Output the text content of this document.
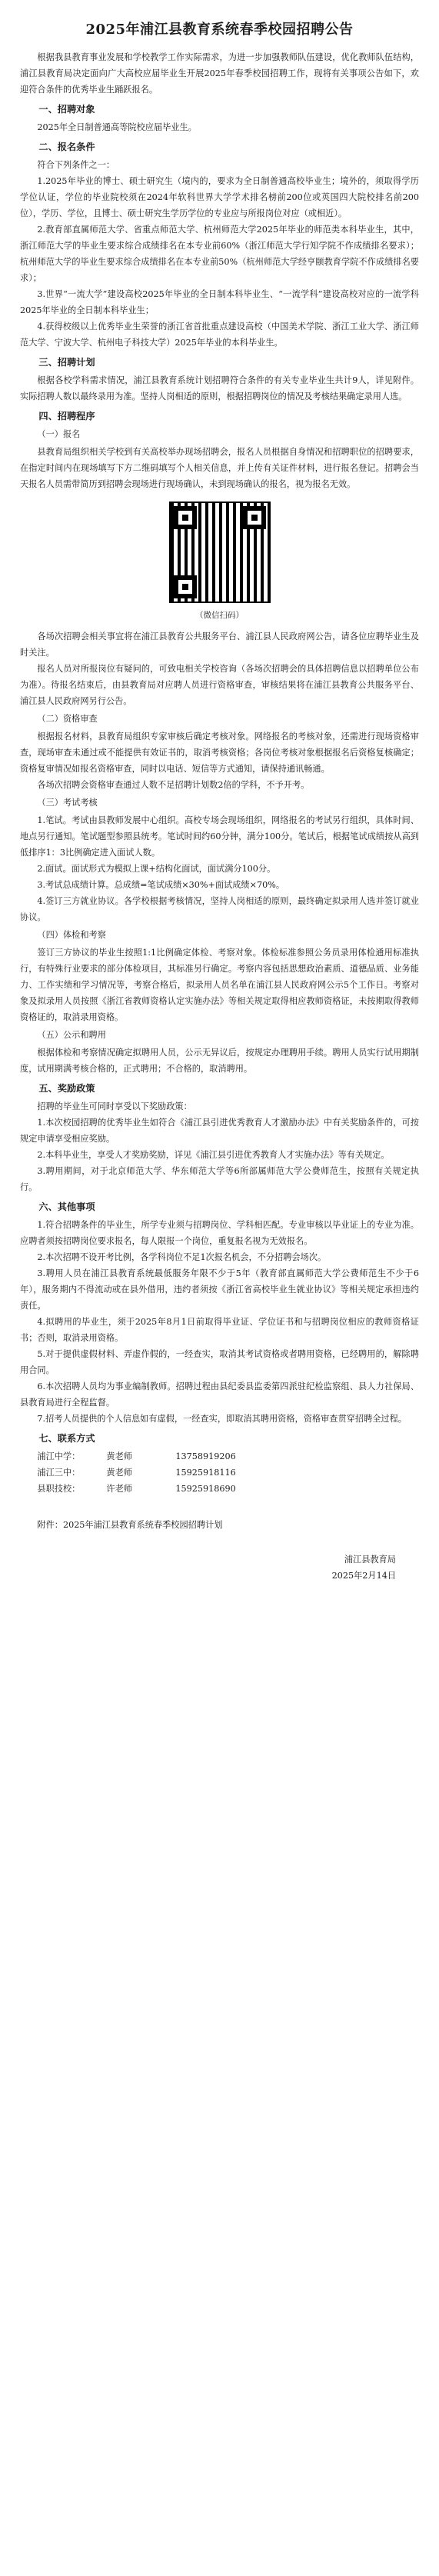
2025年浦江县教育系统春季校园招聘公告

根据我县教育事业发展和学校教学工作实际需求，为进一步加强教师队伍建设，优化教师队伍结构，浦江县教育局决定面向广大高校应届毕业生开展2025年春季校园招聘工作，现将有关事项公告如下，欢迎符合条件的优秀毕业生踊跃报名。

一、招聘对象

2025年全日制普通高等院校应届毕业生。

二、报名条件

符合下列条件之一：

1.2025年毕业的博士、硕士研究生（境内的，要求为全日制普通高校毕业生；境外的，须取得学历学位认证，学位的毕业院校须在2024年软科世界大学学术排名榜前200位或英国四大院校排名前200位），学历、学位，且博士、硕士研究生学历学位的专业应与所报岗位对应（或相近）。

2.教育部直属师范大学、省重点师范大学、杭州师范大学2025年毕业的师范类本科毕业生，其中，浙江师范大学的毕业生要求综合成绩排名在本专业前60%（浙江师范大学行知学院不作成绩排名要求）；杭州师范大学的毕业生要求综合成绩排名在本专业前50%（杭州师范大学经亨颐教育学院不作成绩排名要求）；

3.世界“一流大学”建设高校2025年毕业的全日制本科毕业生、“一流学科”建设高校对应的一流学科2025年毕业的全日制本科毕业生；

4.获得校级以上优秀毕业生荣誉的浙江省首批重点建设高校（中国美术学院、浙江工业大学、浙江师范大学、宁波大学、杭州电子科技大学）2025年毕业的本科毕业生。

三、招聘计划

根据各校学科需求情况，浦江县教育系统计划招聘符合条件的有关专业毕业生共计9人，详见附件。实际招聘人数以最终录用为准。坚持人岗相适的原则，根据招聘岗位的情况及考核结果确定录用人选。

四、招聘程序
（一）报名

县教育局组织相关学校到有关高校举办现场招聘会，报名人员根据自身情况和招聘职位的招聘要求，在指定时间内在现场填写下方二维码填写个人相关信息，并上传有关证件材料，进行报名登记。招聘会当天报名人员需带简历到招聘会现场进行现场确认，未到现场确认的报名，视为报名无效。

（微信扫码）

各场次招聘会相关事宜将在浦江县教育公共服务平台、浦江县人民政府网公告，请各位应聘毕业生及时关注。

报名人员对所报岗位有疑问的，可致电相关学校咨询（各场次招聘会的具体招聘信息以招聘单位公布为准）。待报名结束后，由县教育局对应聘人员进行资格审查，审核结果将在浦江县教育公共服务平台、浦江县人民政府网另行公告。

（二）资格审查

根据报名材料，县教育局组织专家审核后确定考核对象。网络报名的考核对象，还需进行现场资格审查，现场审查未通过或不能提供有效证书的，取消考核资格；各岗位考核对象根据报名后资格复核确定；资格复审情况如报名资格审查，同时以电话、短信等方式通知，请保持通讯畅通。

各场次招聘会资格审查通过人数不足招聘计划数2倍的学科，不予开考。

（三）考试考核

1.笔试。考试由县教师发展中心组织。高校专场会现场组织，网络报名的考试另行组织，具体时间、地点另行通知。笔试题型参照县统考。笔试时间约60分钟，满分100分。笔试后，根据笔试成绩按从高到低排序1：3比例确定进入面试人数。

2.面试。面试形式为模拟上课+结构化面试，面试满分100分。

3.考试总成绩计算。总成绩=笔试成绩×30%+面试成绩×70%。

4.签订三方就业协议。各学校根据考核情况，坚持人岗相适的原则，最终确定拟录用人选并签订就业协议。

（四）体检和考察

签订三方协议的毕业生按照1:1比例确定体检、考察对象。体检标准参照公务员录用体检通用标准执行，有特殊行业要求的部分体检项目，其标准另行确定。考察内容包括思想政治素质、道德品质、业务能力、工作实绩和学习情况等，考察合格后，拟录用人员名单在浦江县人民政府网公示5个工作日。考察对象及拟录用人员按照《浙江省教师资格认定实施办法》等相关规定取得相应教师资格证，未按期取得教师资格证的，取消录用资格。

（五）公示和聘用

根据体检和考察情况确定拟聘用人员，公示无异议后，按规定办理聘用手续。聘用人员实行试用期制度，试用期满考核合格的，正式聘用；不合格的，取消聘用。

五、奖励政策

招聘的毕业生可同时享受以下奖励政策：

1.本次校园招聘的优秀毕业生如符合《浦江县引进优秀教育人才激励办法》中有关奖励条件的，可按规定申请享受相应奖励。

2.本科毕业生，享受人才奖励奖励，详见《浦江县引进优秀教育人才实施办法》等有关规定。

3.聘用期间，对于北京师范大学、华东师范大学等6所部属师范大学公费师范生，按照有关规定执行。

六、其他事项

1.符合招聘条件的毕业生，所学专业须与招聘岗位、学科相匹配。专业审核以毕业证上的专业为准。应聘者须按招聘岗位要求报名，每人限报一个岗位，重复报名视为无效报名。

2.本次招聘不设开考比例，各学科岗位不足1次报名机会，不分招聘会场次。

3.聘用人员在浦江县教育系统最低服务年限不少于5年（教育部直属师范大学公费师范生不少于6年），服务期内不得流动或在县外借用，违约者须按《浙江省高校毕业生就业协议》等相关规定承担违约责任。

4.拟聘用的毕业生，须于2025年8月1日前取得毕业证、学位证书和与招聘岗位相应的教师资格证书；否则，取消录用资格。

5.对于提供虚假材料、弄虚作假的，一经查实，取消其考试资格或者聘用资格，已经聘用的，解除聘用合同。

6.本次招聘人员均为事业编制教师。招聘过程由县纪委县监委第四派驻纪检监察组、县人力社保局、县教育局进行全程监督。

7.招考人员提供的个人信息如有虚假，一经查实，即取消其聘用资格，资格审查贯穿招聘全过程。

七、联系方式
浦江中学：	黄老师	13758919206
浦江三中：	黄老师	15925918116
县职技校：	许老师	15925918690
附件：2025年浦江县教育系统春季校园招聘计划
浦江县教育局
2025年2月14日
